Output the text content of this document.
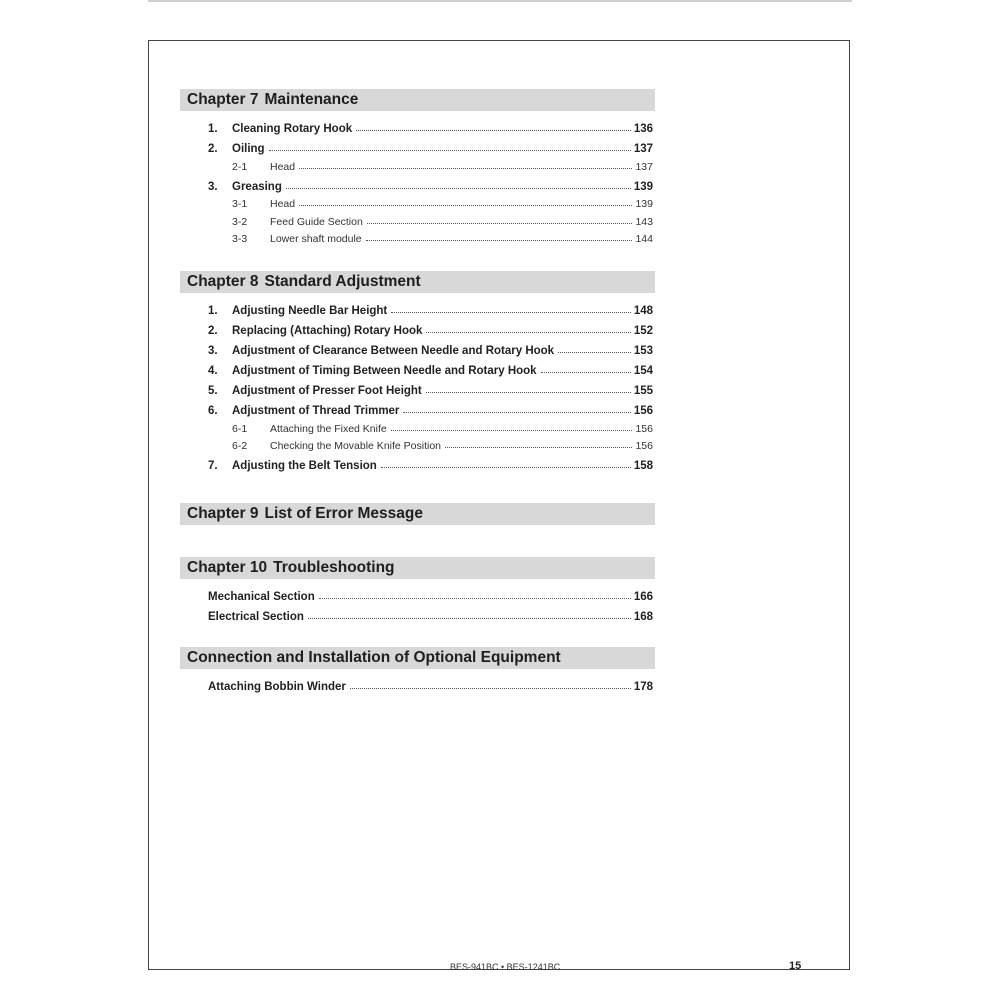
Chapter 7 Maintenance
1.	Cleaning Rotary Hook	136
2.	Oiling	137
2-1	Head	137
3.	Greasing	139
3-1	Head	139
3-2	Feed Guide Section	143
3-3	Lower shaft module	144
Chapter 8 Standard Adjustment
1.	Adjusting Needle Bar Height	148
2.	Replacing (Attaching) Rotary Hook	152
3.	Adjustment of Clearance Between Needle and Rotary Hook	153
4.	Adjustment of Timing Between Needle and Rotary Hook	154
5.	Adjustment of Presser Foot Height	155
6.	Adjustment of Thread Trimmer	156
6-1	Attaching the Fixed Knife	156
6-2	Checking the Movable Knife Position	156
7.	Adjusting the Belt Tension	158
Chapter 9 List of Error Message
Chapter 10 Troubleshooting
Mechanical Section	166
Electrical Section	168
Connection and Installation of Optional Equipment
Attaching Bobbin Winder	178
BES-941BC • BES-1241BC	15
